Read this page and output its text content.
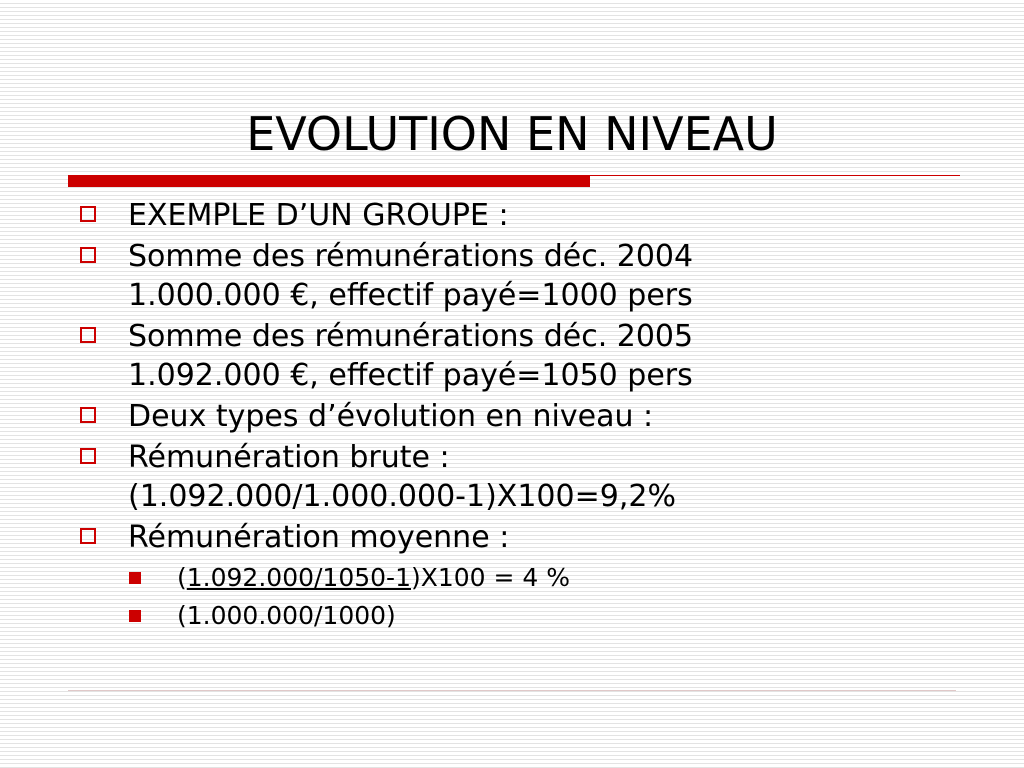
EVOLUTION EN NIVEAU
EXEMPLE D’UN GROUPE :
Somme des rémunérations déc. 2004
1.000.000 €, effectif payé=1000 pers
Somme des rémunérations déc. 2005
1.092.000 €, effectif payé=1050 pers
Deux types d’évolution en niveau :
Rémunération brute :
(1.092.000/1.000.000-1)X100=9,2%
Rémunération moyenne :
(1.092.000/1050-1)X100 = 4 %
(1.000.000/1000)
